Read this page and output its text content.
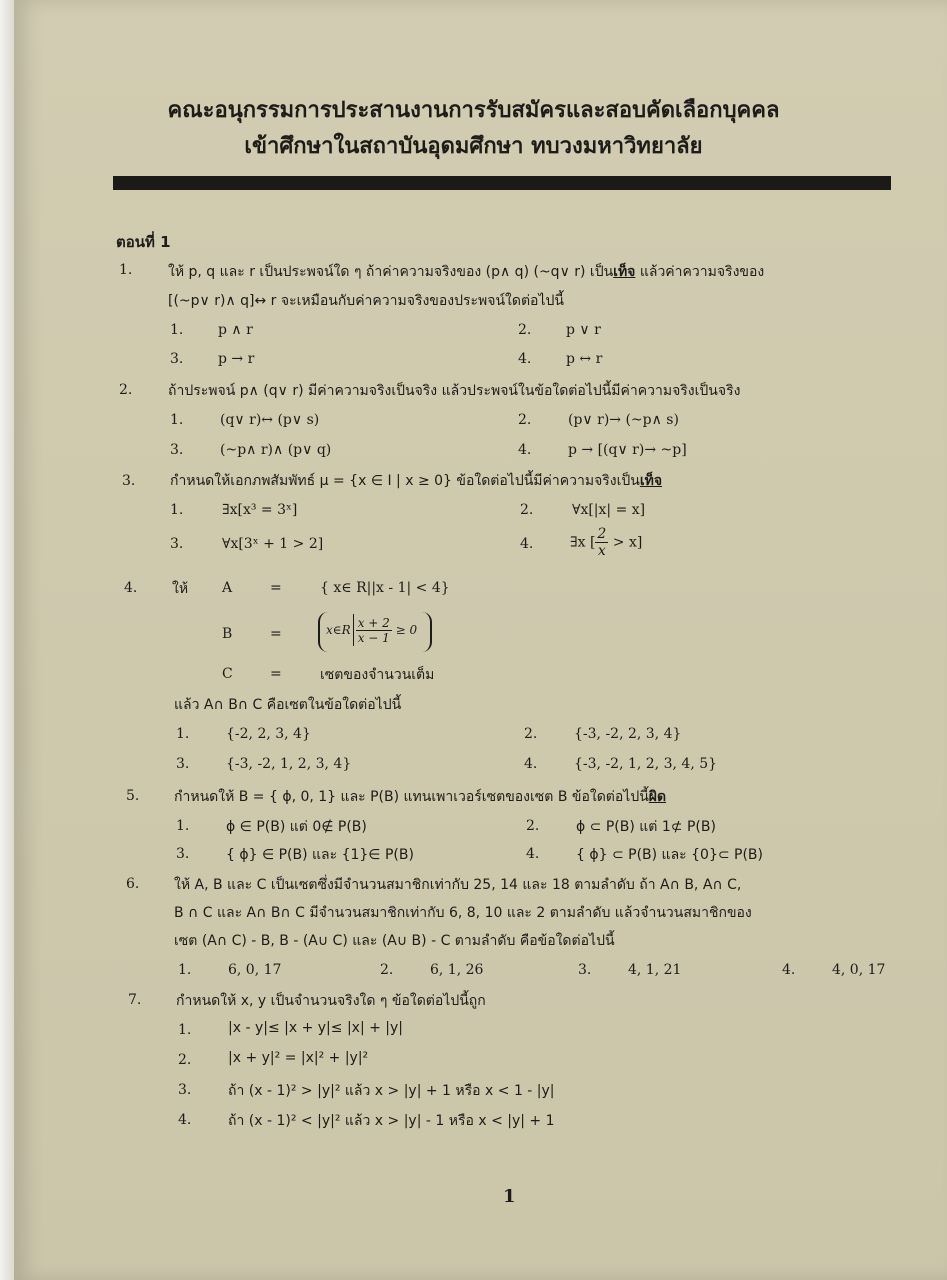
คณะอนุกรรมการประสานงานการรับสมัครและสอบคัดเลือกบุคคล
เข้าศึกษาในสถาบันอุดมศึกษา ทบวงมหาวิทยาลัย
ตอนที่ 1
1.	ให้ p, q และ r เป็นประพจน์ใด ๆ ถ้าค่าความจริงของ (p∧ q) (~q∨ r) เป็นเท็จ แล้วค่าความจริงของ
[(~p∨ r)∧ q]↔ r จะเหมือนกับค่าความจริงของประพจน์ใดต่อไปนี้
1. p ∧ r	2. p ∨ r
3. p → r	4. p ↔ r
2.	ถ้าประพจน์ p∧ (q∨ r) มีค่าความจริงเป็นจริง แล้วประพจน์ในข้อใดต่อไปนี้มีค่าความจริงเป็นจริง
1.	(q∨ r)↔ (p∨ s)	2.	(p∨ r)→ (~p∧ s)
3.	(~p∧ r)∧ (p∨ q)	4.	p → [(q∨ r)→ ~p]
3. กำหนดให้เอกภพสัมพัทธ์ μ = {x ∈ I | x ≥ 0} ข้อใดต่อไปนี้มีค่าความจริงเป็นเท็จ
1.	∃x[x³ = 3ˣ]	2.	∀x[|x| = x]
3.	∀x[3ˣ + 1 > 2]	4.	∃x [ $\frac{2}{x} > x$]
4. ให้ A	=	{ x∈ R||x - 1| < 4}
B	=	x∈R $\frac{x + 2}{x - 1} \ge 0$
C	=	เซตของจำนวนเต็ม
แล้ว A∩ B∩ C คือเซตในข้อใดต่อไปนี้
1.	{-2, 2, 3, 4}	2.	{-3, -2, 2, 3, 4}
3.	{-3, -2, 1, 2, 3, 4}	4.	{-3, -2, 1, 2, 3, 4, 5}
5. กำหนดให้ B = { ϕ, 0, 1} และ P(B) แทนเพาเวอร์เซตของเซต B ข้อใดต่อไปนี้ผิด
1.	ϕ ∈ P(B) แต่ 0∉ P(B)	2.	ϕ ⊂ P(B) แต่ 1⊄ P(B)
3.	{ ϕ} ∈ P(B) และ {1}∈ P(B)	4.	{ ϕ} ⊂ P(B) และ {0}⊂ P(B)
6. ให้ A, B และ C เป็นเซตซึ่งมีจำนวนสมาชิกเท่ากับ 25, 14 และ 18 ตามลำดับ ถ้า A∩ B, A∩ C,
B ∩ C และ A∩ B∩ C มีจำนวนสมาชิกเท่ากับ 6, 8, 10 และ 2 ตามลำดับ แล้วจำนวนสมาชิกของ
เซต (A∩ C) - B, B - (A∪ C) และ (A∪ B) - C ตามลำดับ คือข้อใดต่อไปนี้
1.	6, 0, 17	2.	6, 1, 26	3.	4, 1, 21	4.	4, 0, 17
7. กำหนดให้ x, y เป็นจำนวนจริงใด ๆ ข้อใดต่อไปนี้ถูก
1.	|x - y|≤ |x + y|≤ |x| + |y|
2.	|x + y|² = |x|² + |y|²
3.	ถ้า (x - 1)² > |y|² แล้ว x > |y| + 1 หรือ x < 1 - |y|
4.	ถ้า (x - 1)² < |y|² แล้ว x > |y| - 1 หรือ x < |y| + 1
1
